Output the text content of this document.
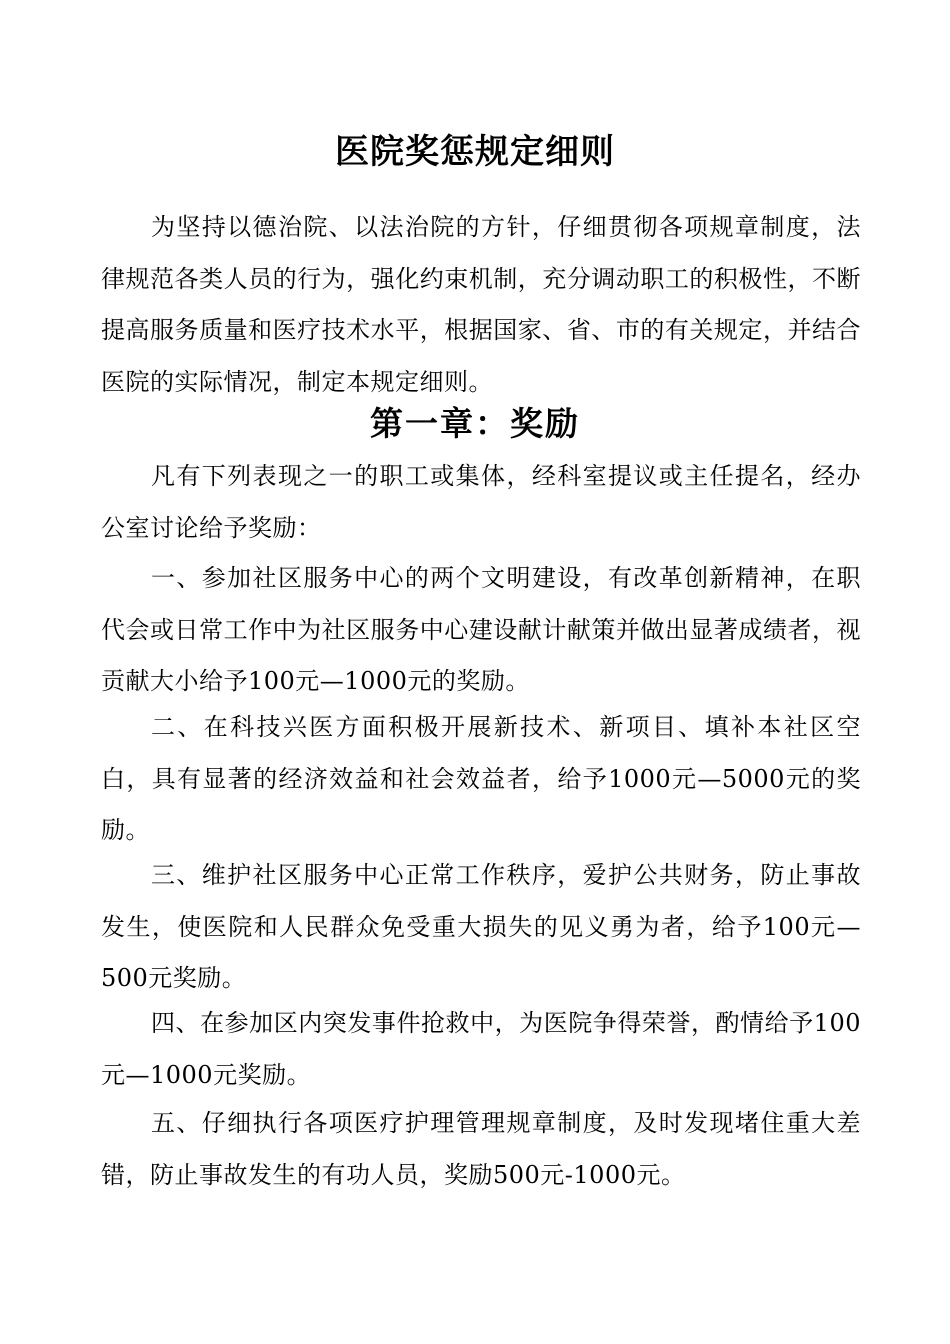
医院奖惩规定细则

为坚持以德治院、以法治院的方针，仔细贯彻各项规章制度，法律规范各类人员的行为，强化约束机制，充分调动职工的积极性，不断提高服务质量和医疗技术水平，根据国家、省、市的有关规定，并结合医院的实际情况，制定本规定细则。

第一章：奖励

凡有下列表现之一的职工或集体，经科室提议或主任提名，经办公室讨论给予奖励：

一、参加社区服务中心的两个文明建设，有改革创新精神，在职代会或日常工作中为社区服务中心建设献计献策并做出显著成绩者，视贡献大小给予100元—1000元的奖励。

二、在科技兴医方面积极开展新技术、新项目、填补本社区空白，具有显著的经济效益和社会效益者，给予1000元—5000元的奖励。

三、维护社区服务中心正常工作秩序，爱护公共财务，防止事故发生，使医院和人民群众免受重大损失的见义勇为者，给予100元—500元奖励。

四、在参加区内突发事件抢救中，为医院争得荣誉，酌情给予100元—1000元奖励。

五、仔细执行各项医疗护理管理规章制度，及时发现堵住重大差错，防止事故发生的有功人员，奖励500元-1000元。
